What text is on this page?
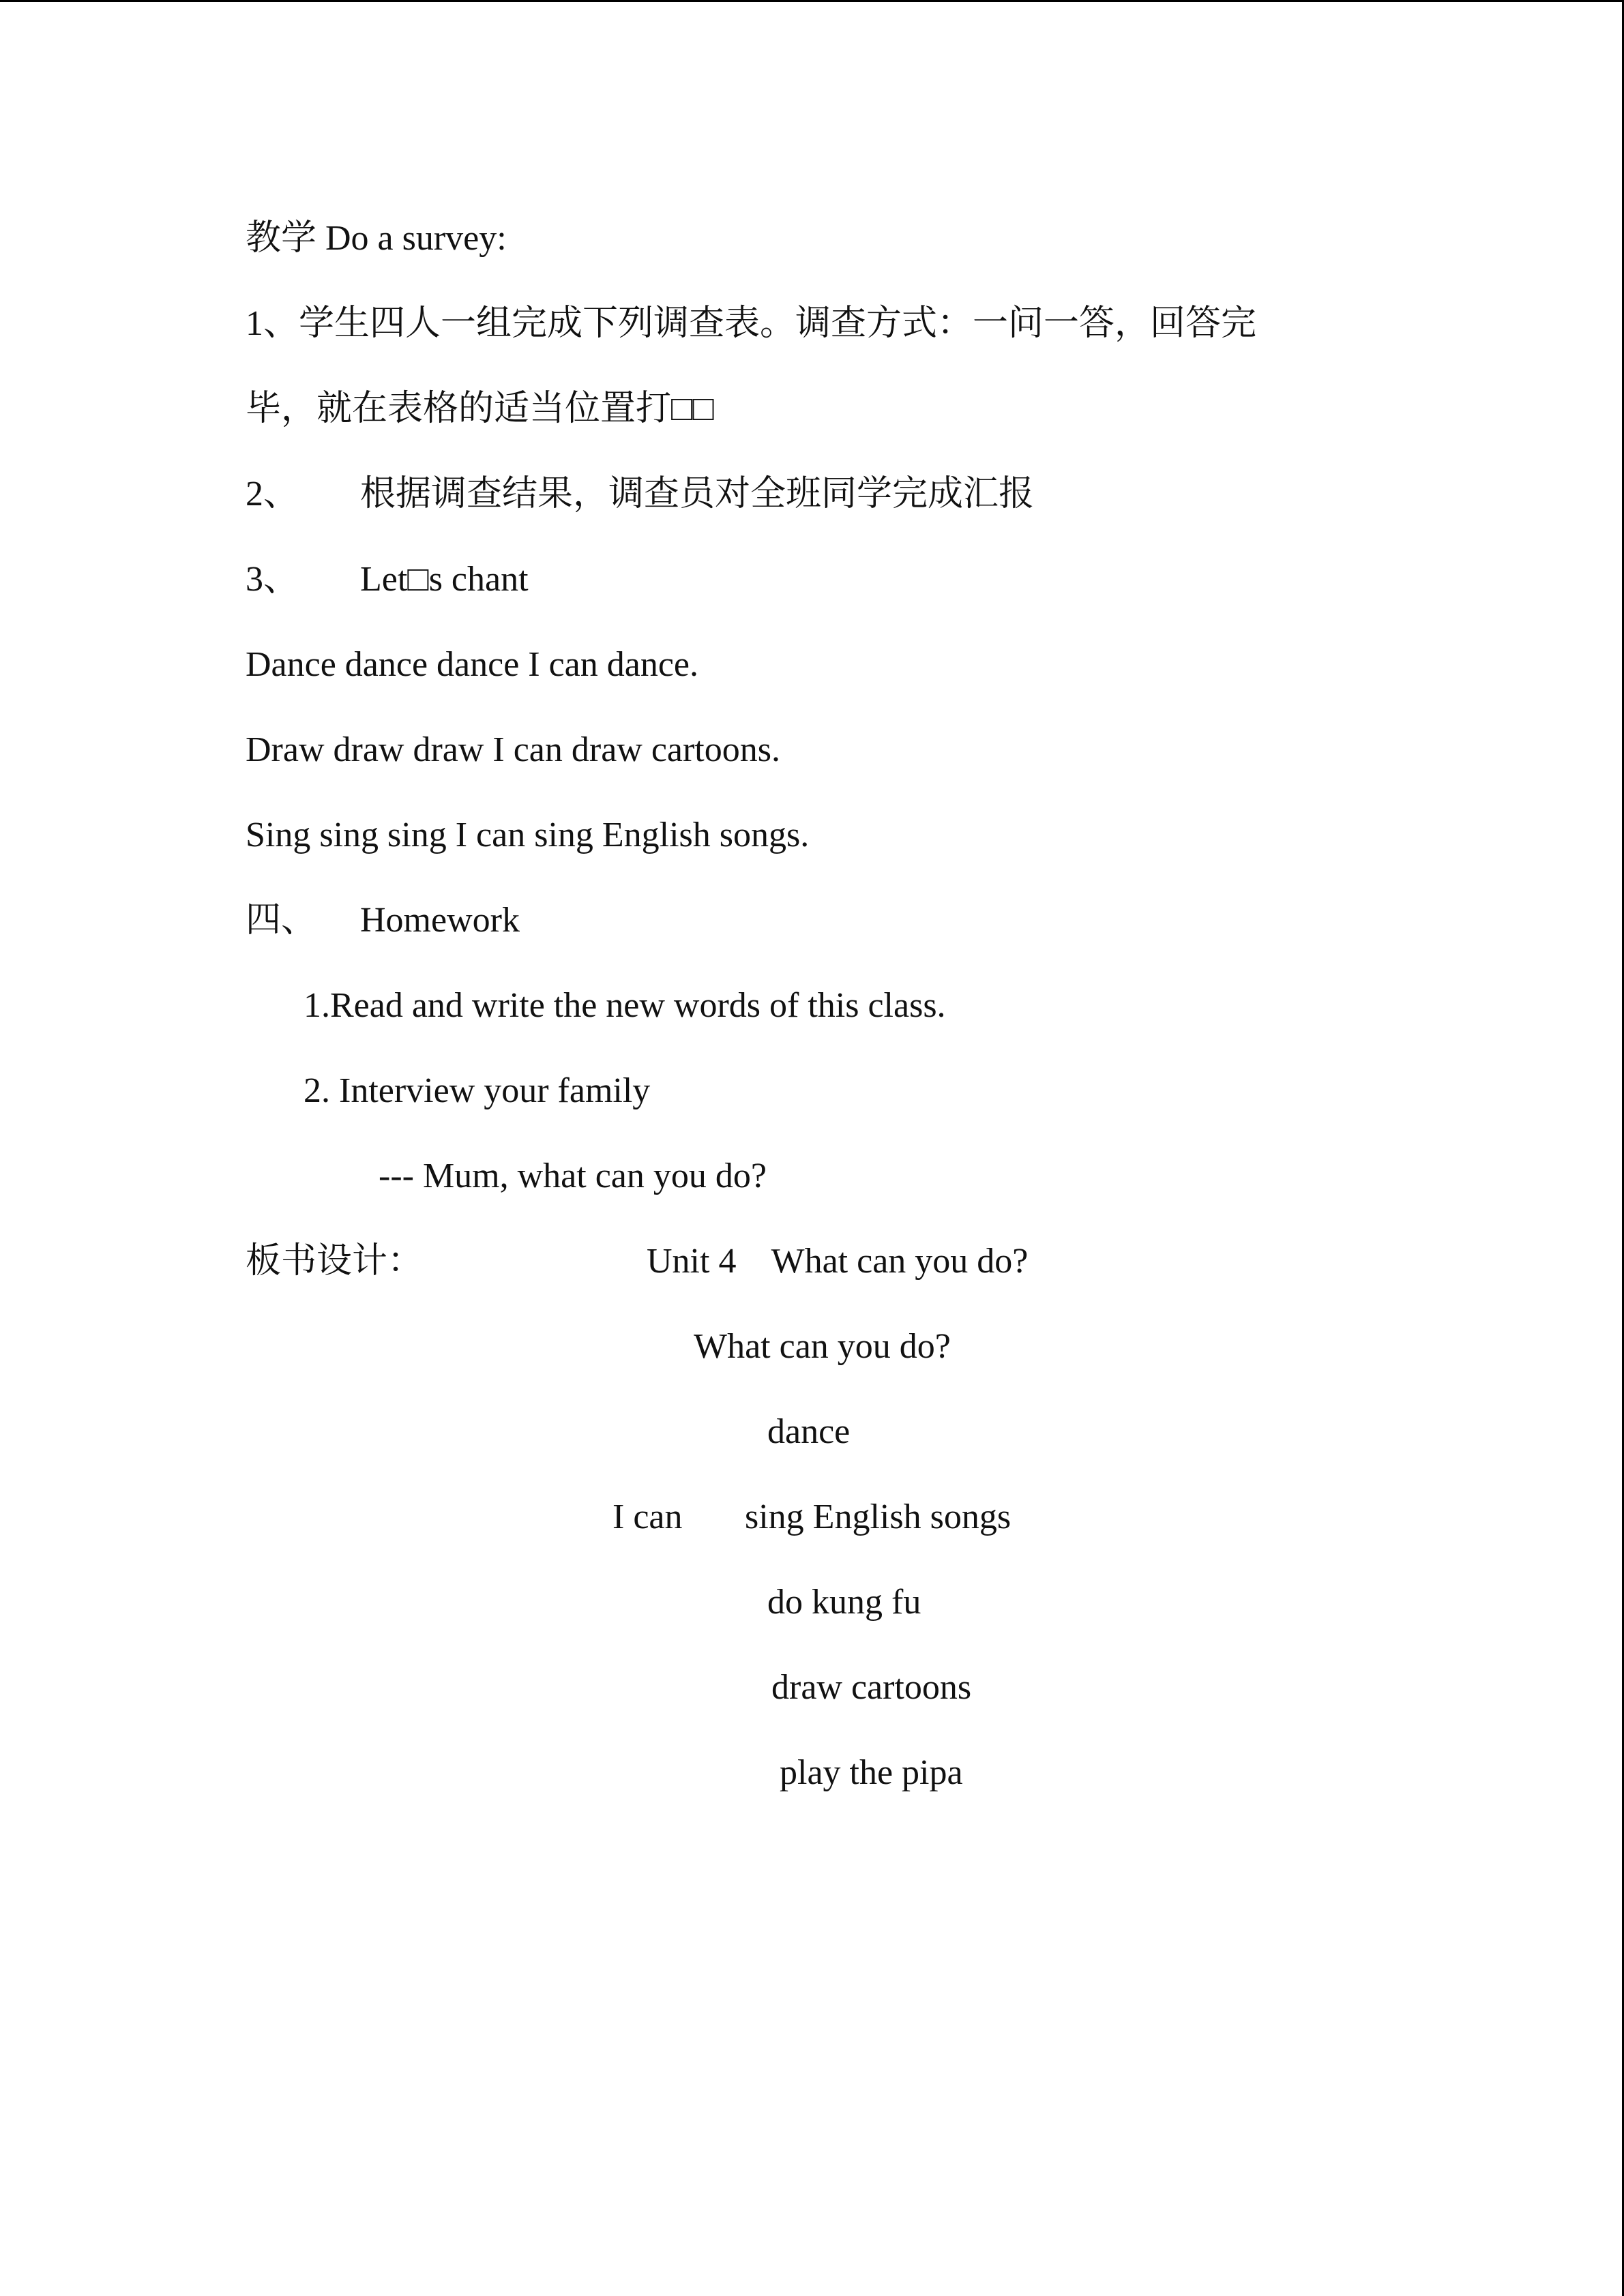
教学 Do a survey:
1、学生四人一组完成下列调查表。调查方式：一问一答，回答完
毕，就在表格的适当位置打□□
2、 根据调查结果，调查员对全班同学完成汇报
3、 Let□s chant
Dance dance dance I can dance.
Draw draw draw I can draw cartoons.
Sing sing sing I can sing English songs.
四、 Homework
1.Read and write the new words of this class.
2. Interview your family
--- Mum, what can you do?
板书设计：	Unit 4    What can you do?
What can you do?
dance
I can sing English songs
do kung fu
draw cartoons
play the pipa
